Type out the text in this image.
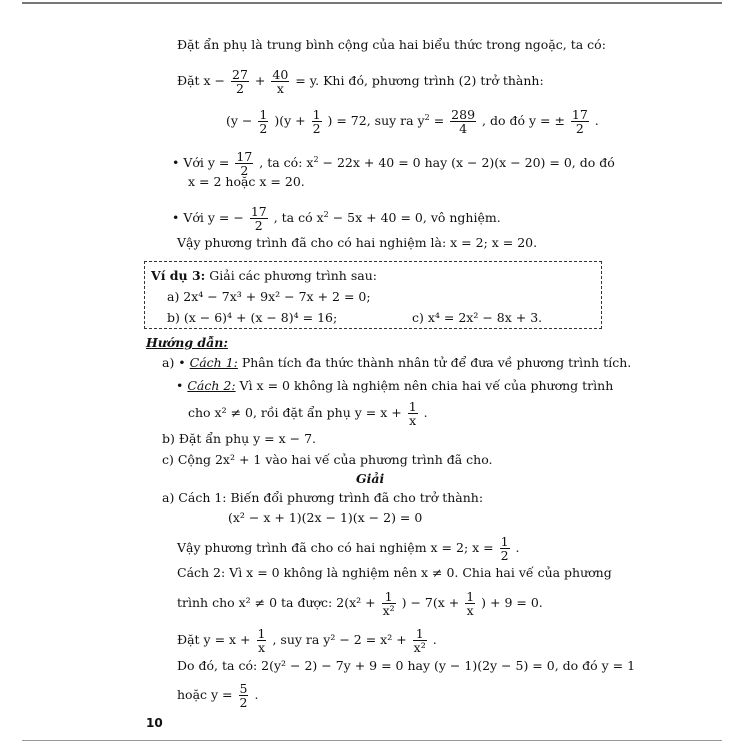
Đặt ẩn phụ là trung bình cộng của hai biểu thức trong ngoặc, ta có:
Đặt $x - \frac{27}{2} + \frac{40}{x} = y$. Khi đó, phương trình (2) trở thành:
$(y - \frac{1}{2} )(y + \frac{1}{2}$ ) = 72, suy ra $y^2 = \frac{289}{4}$ , do đó y = ± $\frac{17}{2}$ .
• Với $y = \frac{17}{2}$ , ta có: $x^2 - 22x + 40 = 0$ hay (x − 2)(x − 20) = 0, do đó
x = 2 hoặc x = 20.
• Với y = − $\frac{17}{2}$ , ta có $x^2 - 5x + 40 = 0$, vô nghiệm.
Vậy phương trình đã cho có hai nghiệm là: x = 2; x = 20.
Ví dụ 3: Giải các phương trình sau:
a) 2x⁴ − 7x³ + 9x² − 7x + 2 = 0;
b) (x − 6)⁴ + (x − 8)⁴ = 16;	c) x⁴ = 2x² − 8x + 3.
Hướng dẫn:
a) • Cách 1: Phân tích đa thức thành nhân tử để đưa về phương trình tích.
• Cách 2: Vì x = 0 không là nghiệm nên chia hai vế của phương trình
cho x² ≠ 0, rồi đặt ẩn phụ $y = x + \frac{1}{x}$ .
b) Đặt ẩn phụ y = x − 7.
c) Cộng 2x² + 1 vào hai vế của phương trình đã cho.
Giải
a) Cách 1: Biến đổi phương trình đã cho trở thành:
(x² − x + 1)(2x − 1)(x − 2) = 0
Vậy phương trình đã cho có hai nghiệm x = 2; $x = \frac{1}{2}$ .
Cách 2: Vì x = 0 không là nghiệm nên x ≠ 0. Chia hai vế của phương
trình cho x² ≠ 0 ta được: $2(x^2 + \frac{1}{\text{x²}}$ ) − $7(x + \frac{1}{x}$ ) + 9 = 0.
Đặt $y = x + \frac{1}{x}$ , suy ra $y^2 - 2 = x^2 + \frac{1}{\text{x²}}$ .
Do đó, ta có: 2(y² − 2) − 7y + 9 = 0 hay (y − 1)(2y − 5) = 0, do đó y = 1
hoặc $y = \frac{5}{2}$ .
10
